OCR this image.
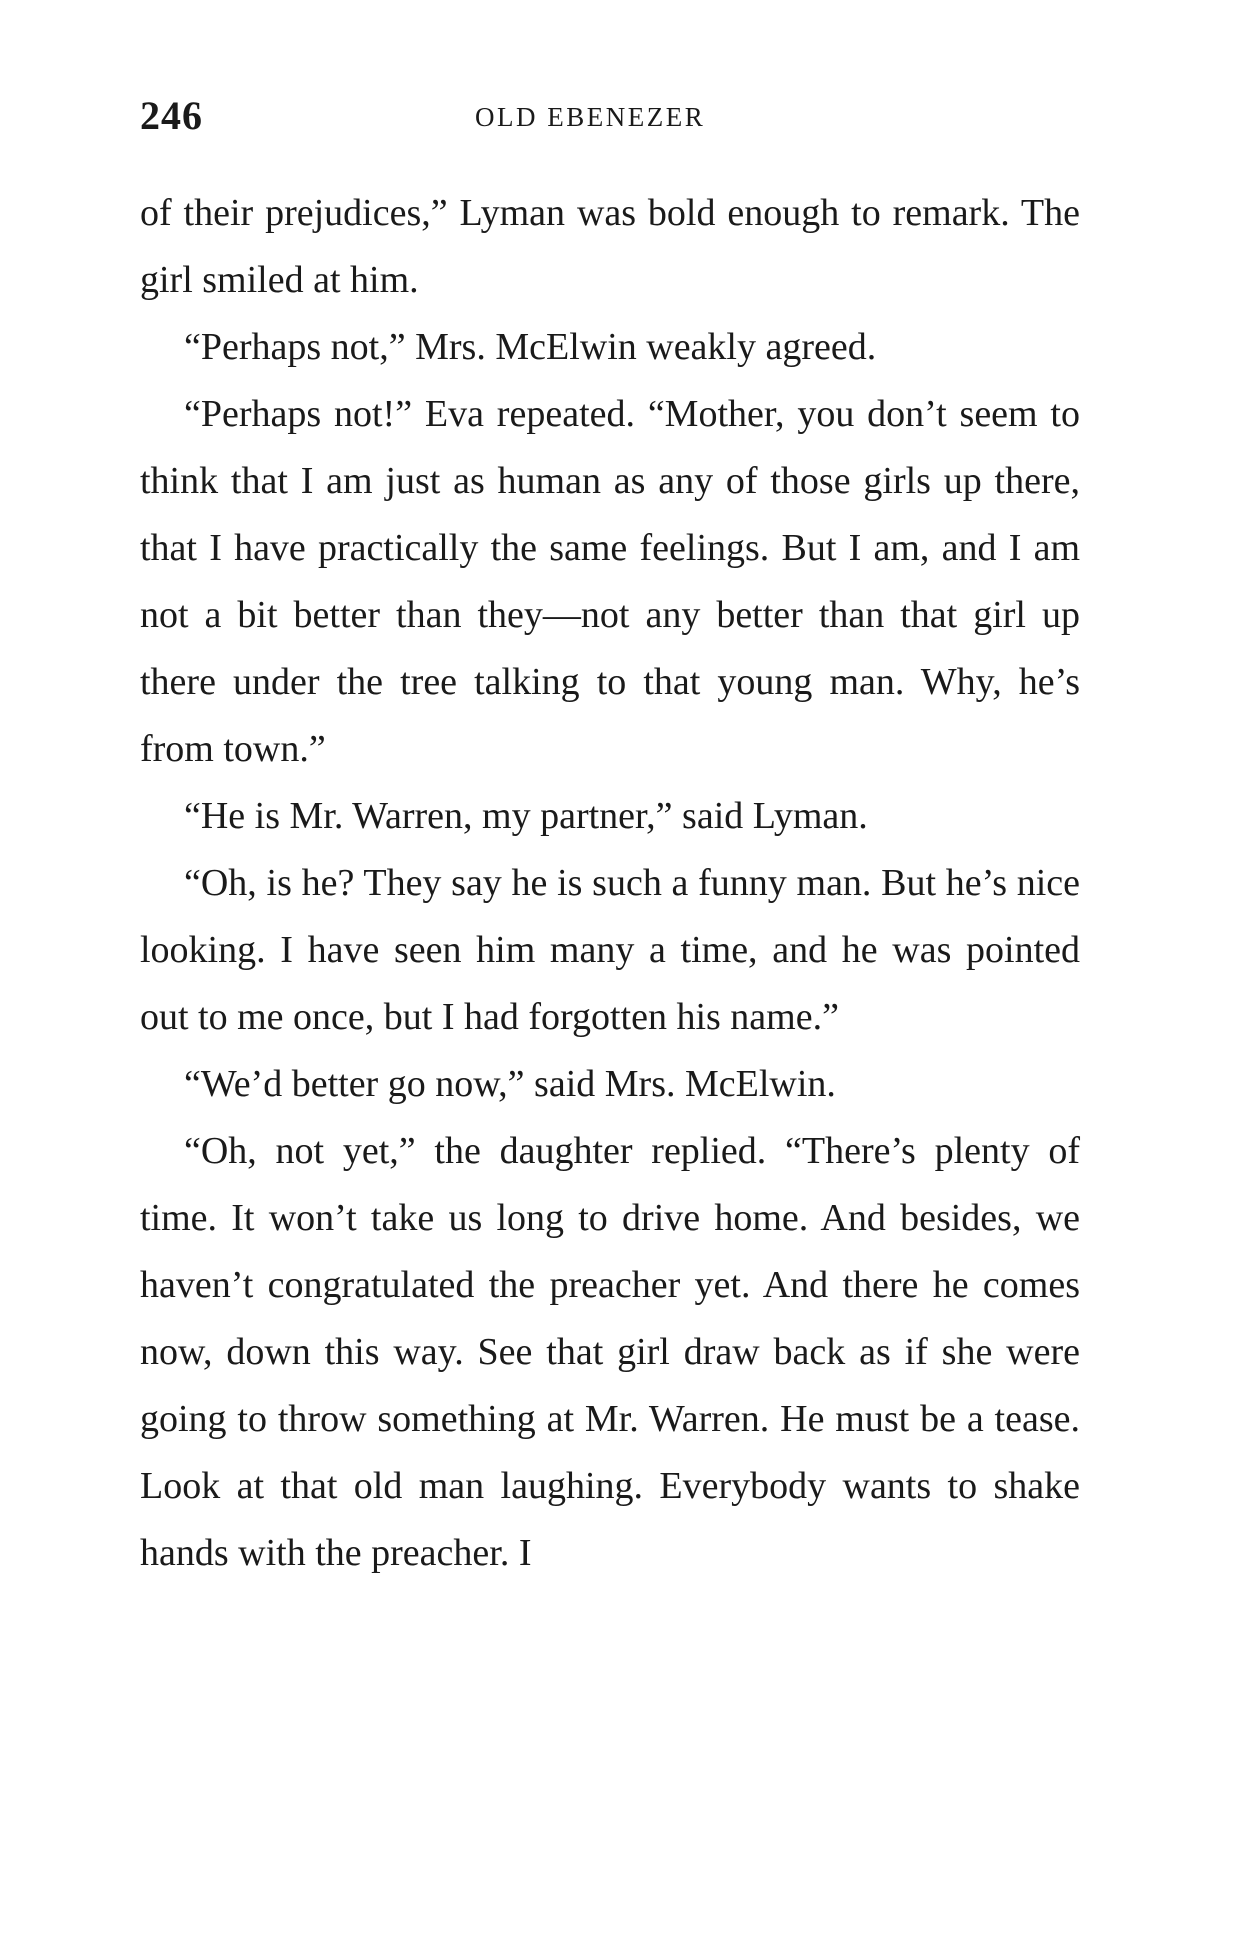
246	OLD EBENEZER

of their prejudices,” Lyman was bold enough to remark. The girl smiled at him.

“Perhaps not,” Mrs. McElwin weakly agreed.

“Perhaps not!” Eva repeated. “Mother, you don’t seem to think that I am just as human as any of those girls up there, that I have practically the same feelings. But I am, and I am not a bit better than they—not any better than that girl up there under the tree talking to that young man. Why, he’s from town.”

“He is Mr. Warren, my partner,” said Lyman.

“Oh, is he? They say he is such a funny man. But he’s nice looking. I have seen him many a time, and he was pointed out to me once, but I had forgotten his name.”

“We’d better go now,” said Mrs. McElwin.

“Oh, not yet,” the daughter replied. “There’s plenty of time. It won’t take us long to drive home. And besides, we haven’t congratulated the preacher yet. And there he comes now, down this way. See that girl draw back as if she were going to throw something at Mr. Warren. He must be a tease. Look at that old man laughing. Everybody wants to shake hands with the preacher. I
